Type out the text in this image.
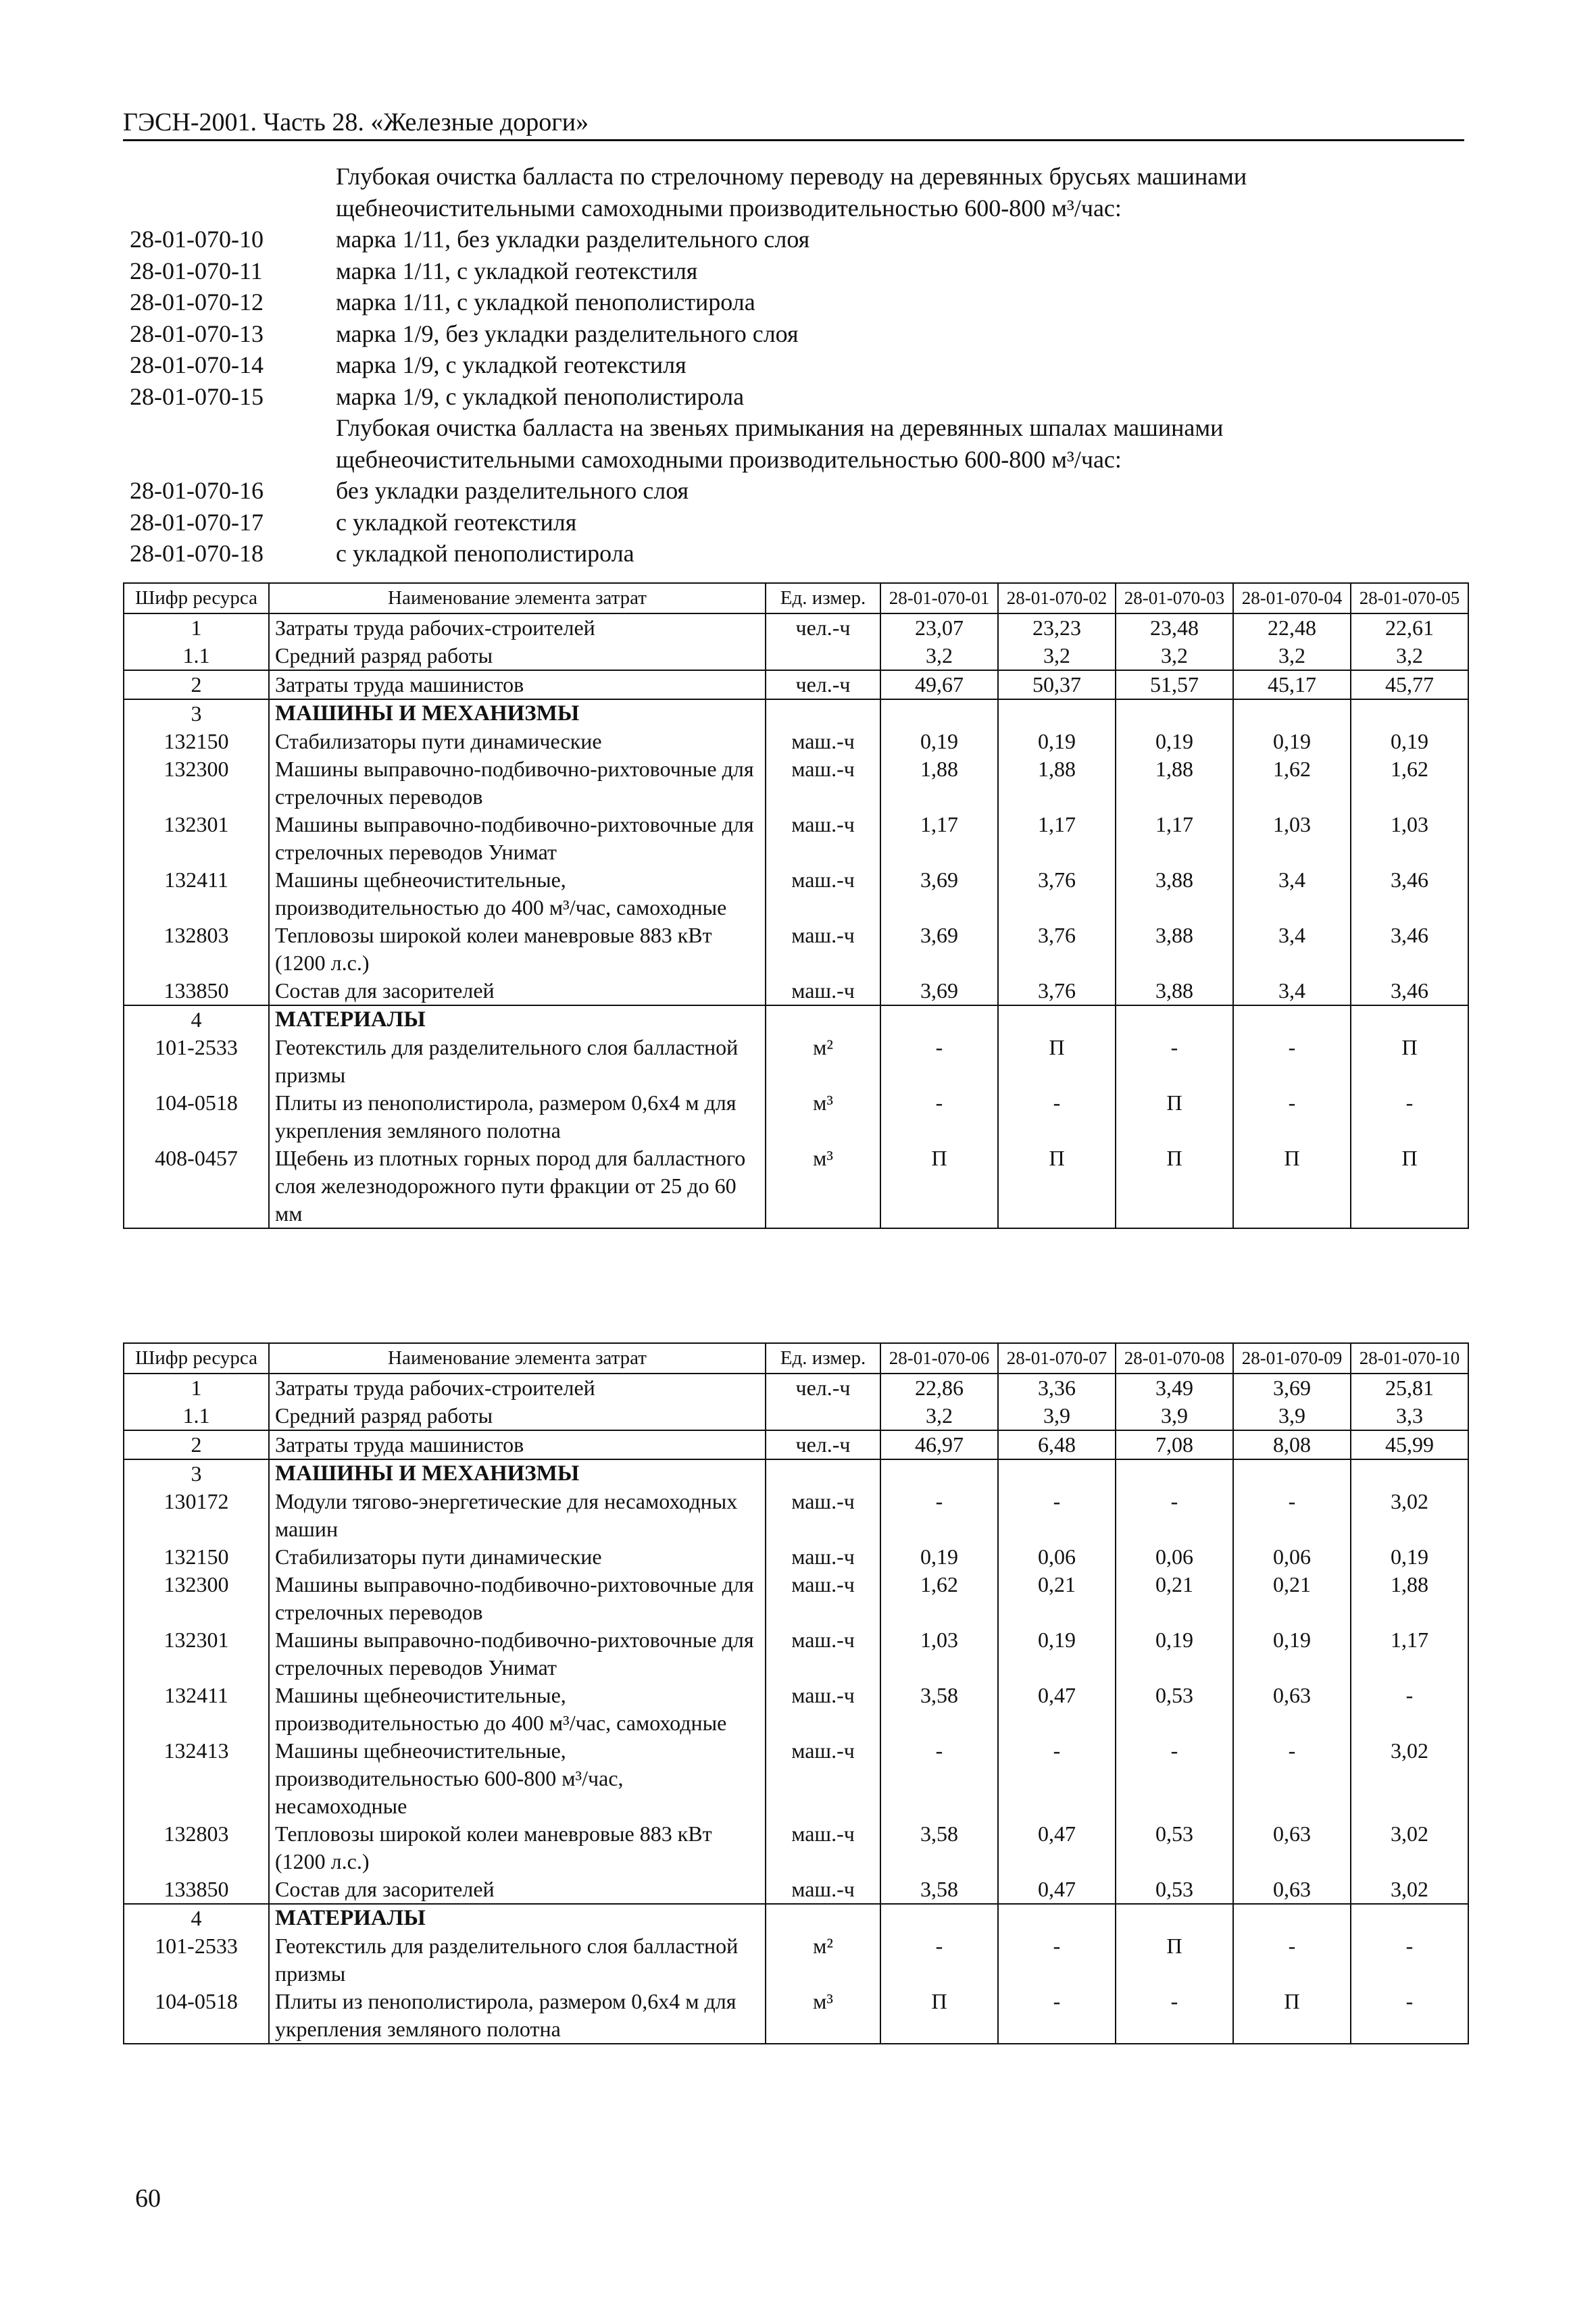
ГЭСН-2001. Часть 28. «Железные дороги»
Глубокая очистка балласта по стрелочному переводу на деревянных брусьях машинами щебнеочистительными самоходными производительностью 600-800 м³/час:
28-01-070-10	марка 1/11, без укладки разделительного слоя
28-01-070-11	марка 1/11, с укладкой геотекстиля
28-01-070-12	марка 1/11, с укладкой пенополистирола
28-01-070-13	марка 1/9, без укладки разделительного слоя
28-01-070-14	марка 1/9, с укладкой геотекстиля
28-01-070-15	марка 1/9, с укладкой пенополистирола
Глубокая очистка балласта на звеньях примыкания на деревянных шпалах машинами щебнеочистительными самоходными производительностью 600-800 м³/час:
28-01-070-16	без укладки разделительного слоя
28-01-070-17	с укладкой геотекстиля
28-01-070-18	с укладкой пенополистирола
Шифр ресурса	Наименование элемента затрат	Ед. измер.	28-01-070-01	28-01-070-02	28-01-070-03	28-01-070-04	28-01-070-05
1	Затраты труда рабочих-строителей	чел.-ч	23,07	23,23	23,48	22,48	22,61
1.1	Средний разряд работы		3,2	3,2	3,2	3,2	3,2
2	Затраты труда машинистов	чел.-ч	49,67	50,37	51,57	45,17	45,77
3	МАШИНЫ И МЕХАНИЗМЫ						
132150	Стабилизаторы пути динамические	маш.-ч	0,19	0,19	0,19	0,19	0,19
132300	Машины выправочно-подбивочно-рихтовочные для стрелочных переводов	маш.-ч	1,88	1,88	1,88	1,62	1,62
132301	Машины выправочно-подбивочно-рихтовочные для стрелочных переводов Унимат	маш.-ч	1,17	1,17	1,17	1,03	1,03
132411	Машины щебнеочистительные, производительностью до 400 м³/час, самоходные	маш.-ч	3,69	3,76	3,88	3,4	3,46
132803	Тепловозы широкой колеи маневровые 883 кВт (1200 л.с.)	маш.-ч	3,69	3,76	3,88	3,4	3,46
133850	Состав для засорителей	маш.-ч	3,69	3,76	3,88	3,4	3,46
4	МАТЕРИАЛЫ						
101-2533	Геотекстиль для разделительного слоя балластной призмы	м²	-	П	-	-	П
104-0518	Плиты из пенополистирола, размером 0,6x4 м для укрепления земляного полотна	м³	-	-	П	-	-
408-0457	Щебень из плотных горных пород для балластного слоя железнодорожного пути фракции от 25 до 60 мм	м³	П	П	П	П	П
Шифр ресурса	Наименование элемента затрат	Ед. измер.	28-01-070-06	28-01-070-07	28-01-070-08	28-01-070-09	28-01-070-10
1	Затраты труда рабочих-строителей	чел.-ч	22,86	3,36	3,49	3,69	25,81
1.1	Средний разряд работы		3,2	3,9	3,9	3,9	3,3
2	Затраты труда машинистов	чел.-ч	46,97	6,48	7,08	8,08	45,99
3	МАШИНЫ И МЕХАНИЗМЫ						
130172	Модули тягово-энергетические для несамоходных машин	маш.-ч	-	-	-	-	3,02
132150	Стабилизаторы пути динамические	маш.-ч	0,19	0,06	0,06	0,06	0,19
132300	Машины выправочно-подбивочно-рихтовочные для стрелочных переводов	маш.-ч	1,62	0,21	0,21	0,21	1,88
132301	Машины выправочно-подбивочно-рихтовочные для стрелочных переводов Унимат	маш.-ч	1,03	0,19	0,19	0,19	1,17
132411	Машины щебнеочистительные, производительностью до 400 м³/час, самоходные	маш.-ч	3,58	0,47	0,53	0,63	-
132413	Машины щебнеочистительные, производительностью 600-800 м³/час, несамоходные	маш.-ч	-	-	-	-	3,02
132803	Тепловозы широкой колеи маневровые 883 кВт (1200 л.с.)	маш.-ч	3,58	0,47	0,53	0,63	3,02
133850	Состав для засорителей	маш.-ч	3,58	0,47	0,53	0,63	3,02
4	МАТЕРИАЛЫ						
101-2533	Геотекстиль для разделительного слоя балластной призмы	м²	-	-	П	-	-
104-0518	Плиты из пенополистирола, размером 0,6x4 м для укрепления земляного полотна	м³	П	-	-	П	-
60
